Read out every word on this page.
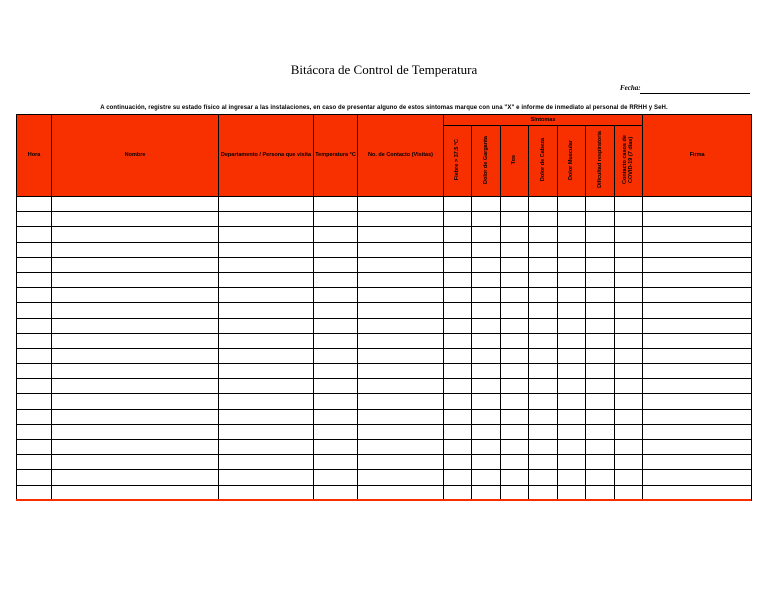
Bitácora de Control de Temperatura
Fecha:
A continuación, registre su estado físico al ingresar a las instalaciones, en caso de presentar alguno de estos síntomas marque con una "X" e informe de inmediato al personal de RRHH y SeH.
Hora	Nombre	Departamento / Persona que visita	Temperatura °C	No. de Contacto (Visitas)	Síntomas							Firma
					Fiebre > 37.5 °C	Dolor de Garganta	Tos	Dolor de Cabeza	Dolor Muscular	Dificultad respiratoria	Contacto casos de COVID-19 (7 días)	
